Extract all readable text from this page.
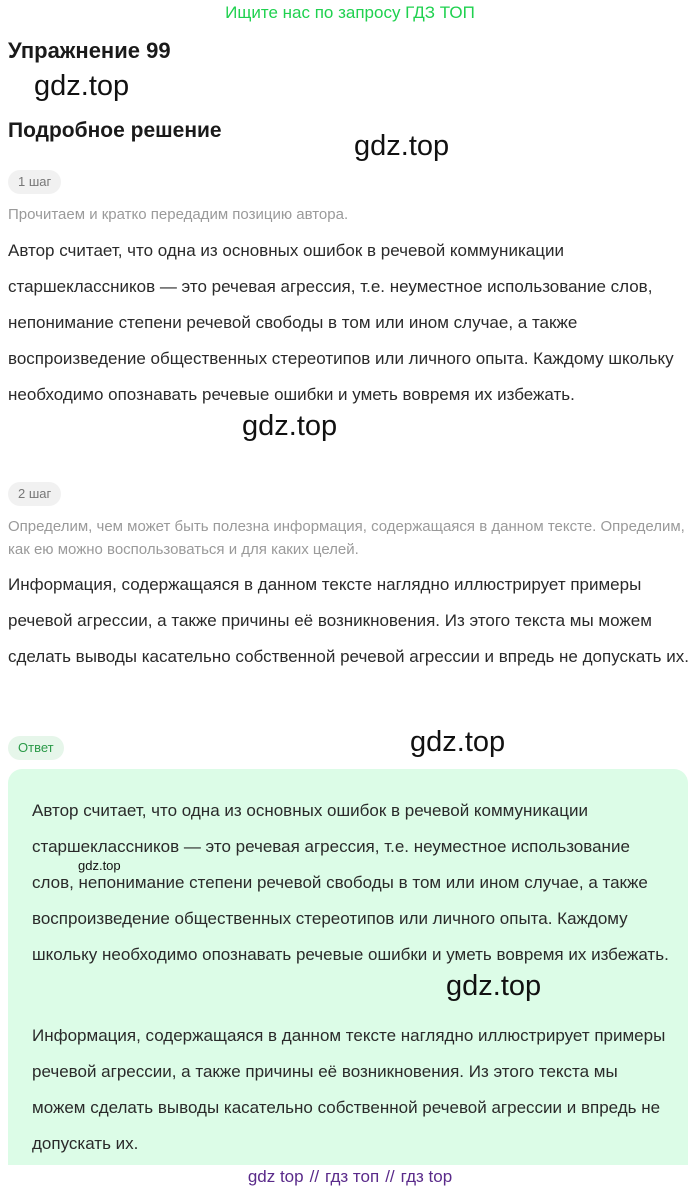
Ищите нас по запросу ГДЗ ТОП
Упражнение 99
gdz.top
Подробное решение	gdz.top
1 шаг
Прочитаем и кратко передадим позицию автора.
Автор считает, что одна из основных ошибок в речевой коммуникации старшеклассников — это речевая агрессия, т.е. неуместное использование слов, непонимание степени речевой свободы в том или ином случае, а также воспроизведение общественных стереотипов или личного опыта. Каждому школьку необходимо опознавать речевые ошибки и уметь вовремя их избежать.
gdz.top
2 шаг
Определим, чем может быть полезна информация, содержащаяся в данном тексте. Определим, как ею можно воспользоваться и для каких целей.
Информация, содержащаяся в данном тексте наглядно иллюстрирует примеры речевой агрессии, а также причины её возникновения. Из этого текста мы можем сделать выводы касательно собственной речевой агрессии и впредь не допускать их.
Ответ	gdz.top
Автор считает, что одна из основных ошибок в речевой коммуникации старшеклассников — это речевая агрессия, т.е. неуместное использование слов, непонимание степени речевой свободы в том или ином случае, а также воспроизведение общественных стереотипов или личного опыта. Каждому школьку необходимо опознавать речевые ошибки и уметь вовремя их избежать.
Информация, содержащаяся в данном тексте наглядно иллюстрирует примеры речевой агрессии, а также причины её возникновения. Из этого текста мы можем сделать выводы касательно собственной речевой агрессии и впредь не допускать их.
gdz.top
gdz.top
gdz top // гдз топ // гдз top
